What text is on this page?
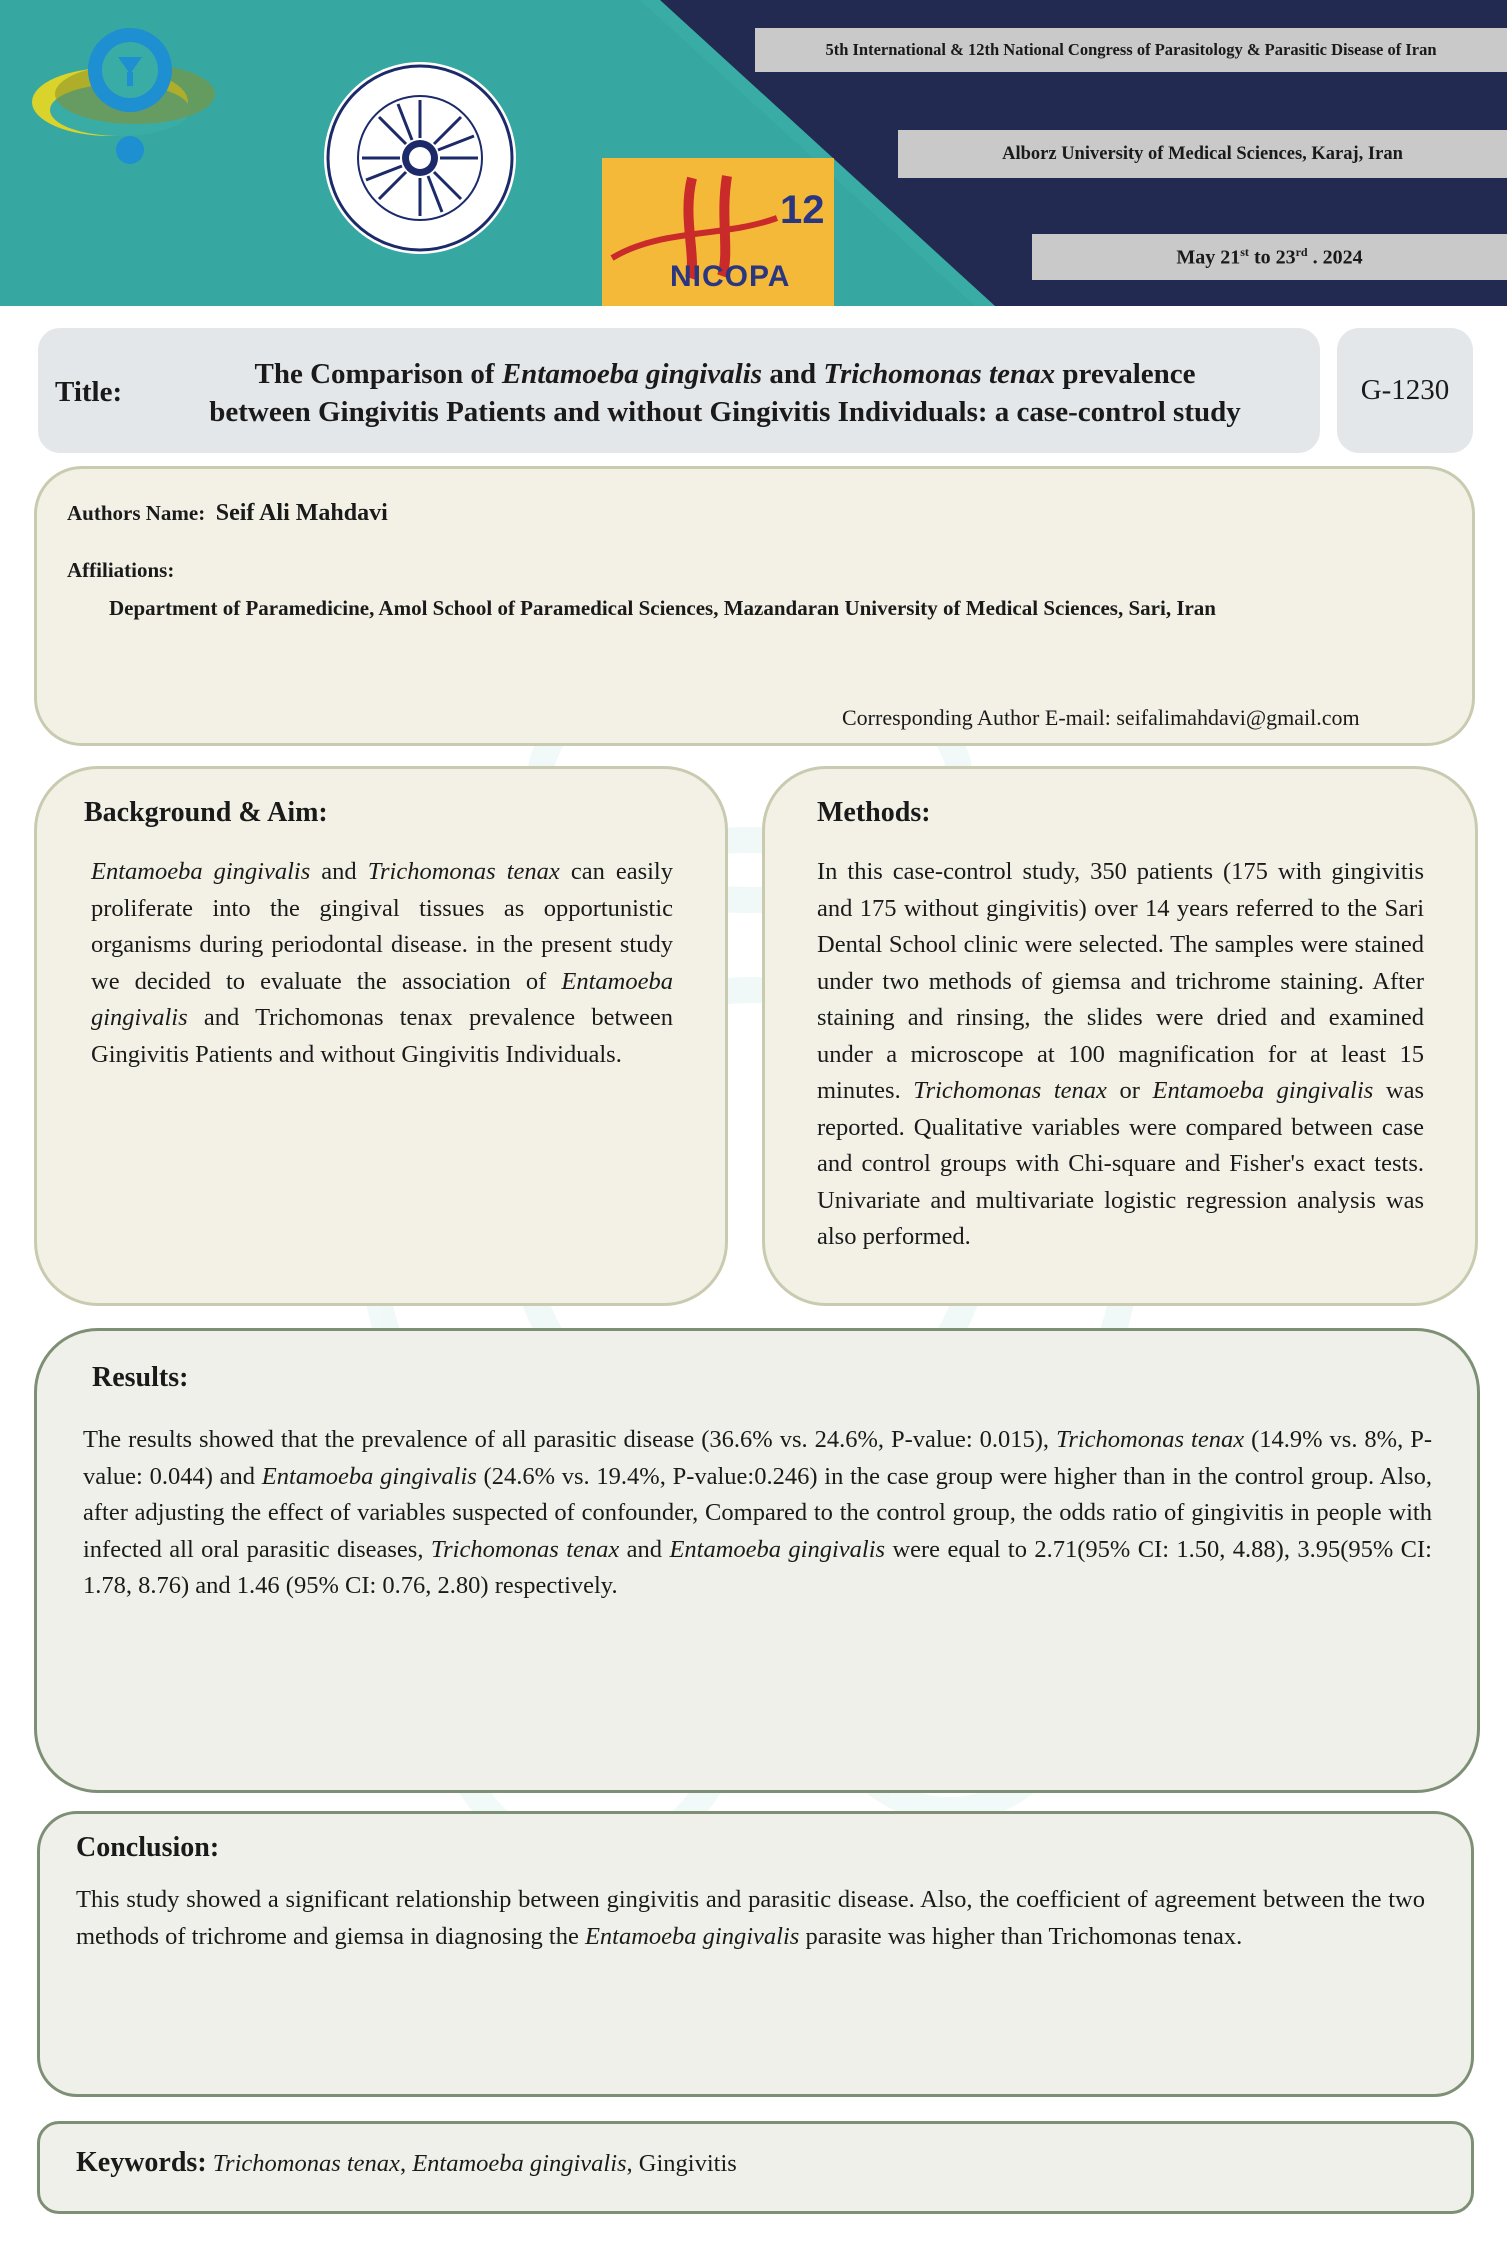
12
NICOPA
5th International & 12th National Congress of Parasitology & Parasitic Disease of Iran
Alborz University of Medical Sciences, Karaj, Iran
May 21st to 23rd . 2024
Title:
The Comparison of Entamoeba gingivalis and Trichomonas tenax prevalence
between Gingivitis Patients and without Gingivitis Individuals: a case-control study
G-1230
Authors Name: Seif Ali Mahdavi
Affiliations:
Department of Paramedicine, Amol School of Paramedical Sciences, Mazandaran University of Medical Sciences, Sari, Iran
Corresponding Author E-mail: seifalimahdavi@gmail.com
Background & Aim:
Entamoeba gingivalis and Trichomonas tenax can easily proliferate into the gingival tissues as opportunistic organisms during periodontal disease. in the present study we decided to evaluate the association of Entamoeba gingivalis and Trichomonas tenax prevalence between Gingivitis Patients and without Gingivitis Individuals.
Methods:
In this case-control study, 350 patients (175 with gingivitis and 175 without gingivitis) over 14 years referred to the Sari Dental School clinic were selected. The samples were stained under two methods of giemsa and trichrome staining. After staining and rinsing, the slides were dried and examined under a microscope at 100 magnification for at least 15 minutes. Trichomonas tenax or Entamoeba gingivalis was reported. Qualitative variables were compared between case and control groups with Chi-square and Fisher's exact tests. Univariate and multivariate logistic regression analysis was also performed.
Results:
The results showed that the prevalence of all parasitic disease (36.6% vs. 24.6%, P-value: 0.015), Trichomonas tenax (14.9% vs. 8%, P-value: 0.044) and Entamoeba gingivalis (24.6% vs. 19.4%, P-value:0.246) in the case group were higher than in the control group. Also, after adjusting the effect of variables suspected of confounder, Compared to the control group, the odds ratio of gingivitis in people with infected all oral parasitic diseases, Trichomonas tenax and Entamoeba gingivalis were equal to 2.71(95% CI: 1.50, 4.88), 3.95(95% CI: 1.78, 8.76) and 1.46 (95% CI: 0.76, 2.80) respectively.
Conclusion:
This study showed a significant relationship between gingivitis and parasitic disease. Also, the coefficient of agreement between the two methods of trichrome and giemsa in diagnosing the Entamoeba gingivalis parasite was higher than Trichomonas tenax.
Keywords: Trichomonas tenax, Entamoeba gingivalis, Gingivitis
